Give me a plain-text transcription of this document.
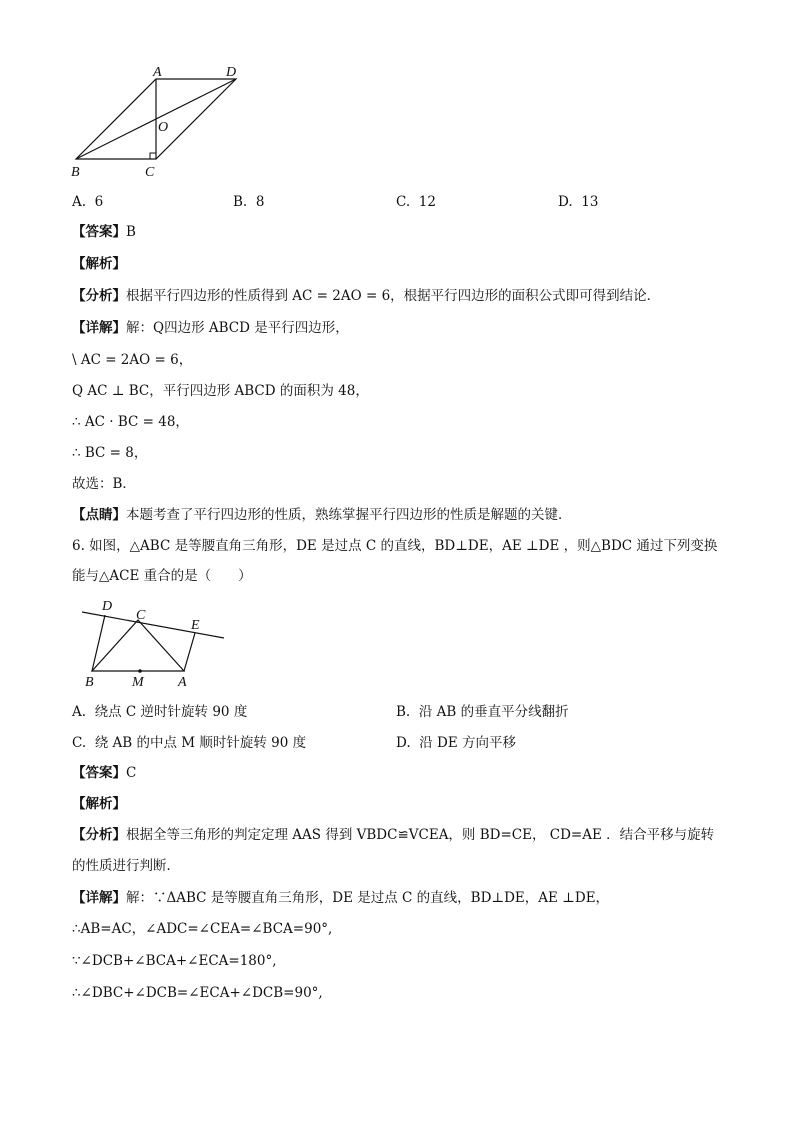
A	D
O
B	C
A. 6	B. 8	C. 12	D. 13
【答案】B
【解析】
【分析】根据平行四边形的性质得到 AC = 2AO = 6，根据平行四边形的面积公式即可得到结论．
【详解】解：Q四边形 ABCD 是平行四边形，
\ AC = 2AO = 6，
Q AC ⊥ BC，平行四边形 ABCD 的面积为 48，
∴ AC · BC = 48，
∴ BC = 8，
故选：B．
【点睛】本题考查了平行四边形的性质，熟练掌握平行四边形的性质是解题的关键．
6. 如图，△ABC 是等腰直角三角形，DE 是过点 C 的直线，BD⊥DE，AE ⊥DE ，则△BDC 通过下列变换
能与△ACE 重合的是（　　）
D
C
E
B	M A
A. 绕点 C 逆时针旋转 90 度	B. 沿 AB 的垂直平分线翻折
C. 绕 AB 的中点 M 顺时针旋转 90 度	D. 沿 DE 方向平移
【答案】C
【解析】
【分析】根据全等三角形的判定定理 AAS 得到 VBDC≌VCEA，则 BD=CE， CD=AE ．结合平移与旋转
的性质进行判断．
【详解】解：∵ΔABC 是等腰直角三角形，DE 是过点 C 的直线，BD⊥DE，AE ⊥DE，
∴AB=AC，∠ADC=∠CEA=∠BCA=90°,
∵∠DCB+∠BCA+∠ECA=180°,
∴∠DBC+∠DCB=∠ECA+∠DCB=90°,
